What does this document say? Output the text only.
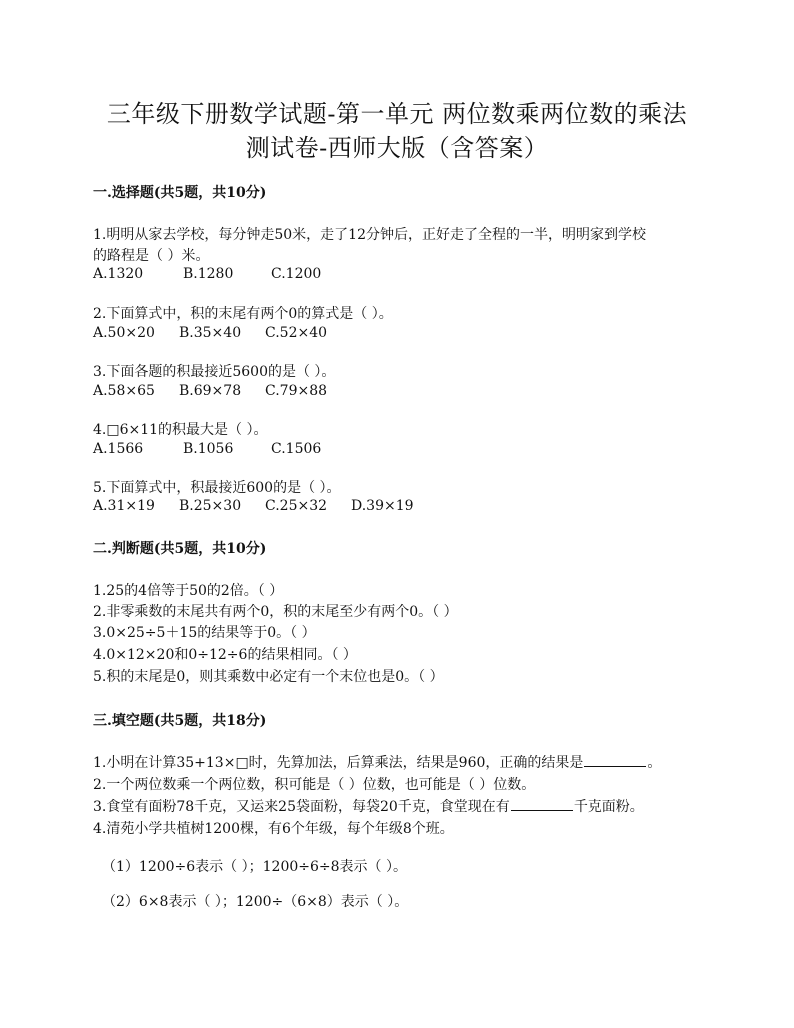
三年级下册数学试题-第一单元 两位数乘两位数的乘法
测试卷-西师大版（含答案）
一.选择题(共5题，共10分)
1.明明从家去学校，每分钟走50米，走了12分钟后，正好走了全程的一半，明明家到学校
的路程是（ ）米。
A.1320	B.1280	C.1200
2.下面算式中，积的末尾有两个0的算式是（ ）。
A.50×20 B.35×40 C.52×40
3.下面各题的积最接近5600的是（ ）。
A.58×65 B.69×78 C.79×88
4.□6×11的积最大是（ ）。
A.1566	B.1056	C.1506
5.下面算式中，积最接近600的是（ ）。
A.31×19 B.25×30 C.25×32 D.39×19
二.判断题(共5题，共10分)
1.25的4倍等于50的2倍。（ ）
2.非零乘数的末尾共有两个0，积的末尾至少有两个0。（ ）
3.0×25÷5＋15的结果等于0。（ ）
4.0×12×20和0÷12÷6的结果相同。（ ）
5.积的末尾是0，则其乘数中必定有一个末位也是0。（ ）
三.填空题(共5题，共18分)
1.小明在计算35+13×□时，先算加法，后算乘法，结果是960，正确的结果是	。
2.一个两位数乘一个两位数，积可能是（ ）位数，也可能是（ ）位数。
3.食堂有面粉78千克，又运来25袋面粉，每袋20千克，食堂现在有	千克面粉。
4.清苑小学共植树1200棵，有6个年级，每个年级8个班。
（1）1200÷6表示（ ）；1200÷6÷8表示（ ）。
（2）6×8表示（ ）；1200÷（6×8）表示（ ）。
